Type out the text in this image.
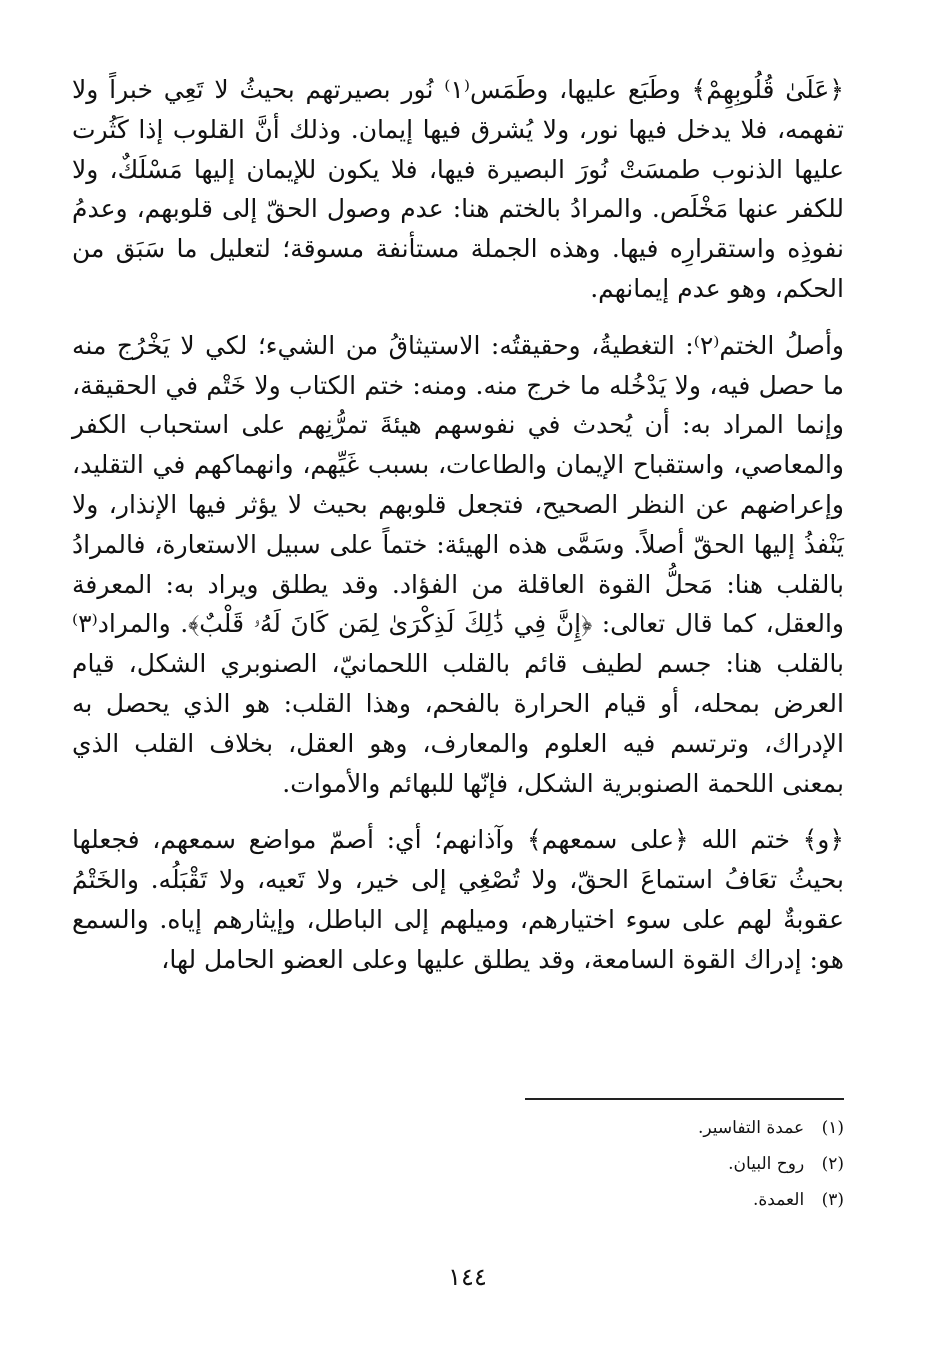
﴿عَلَىٰ قُلُوبِهِمْ﴾ وطَبَع عليها، وطَمَس⁽١⁾ نُور بصيرتهم بحيثُ لا تَعِي خبراً ولا تفهمه، فلا يدخل فيها نور، ولا يُشرق فيها إيمان. وذلك أنَّ القلوب إذا كَثُرت عليها الذنوب طمسَتْ نُورَ البصيرة فيها، فلا يكون للإيمان إليها مَسْلَكٌ، ولا للكفر عنها مَخْلَص. والمرادُ بالختم هنا: عدم وصول الحقّ إلى قلوبهم، وعدمُ نفوذِه واستقرارِه فيها. وهذه الجملة مستأنفة مسوقة؛ لتعليل ما سَبَق من الحكم، وهو عدم إيمانهم.

وأصلُ الختم⁽٢⁾: التغطيةُ، وحقيقتُه: الاستيثاقُ من الشيء؛ لكي لا يَخْرُج منه ما حصل فيه، ولا يَدْخُله ما خرج منه. ومنه: ختم الكتاب ولا خَتْم في الحقيقة، وإنما المراد به: أن يُحدث في نفوسهم هيئةَ تمرُّنِهم على استحباب الكفر والمعاصي، واستقباح الإيمان والطاعات، بسبب غَيِّهم، وانهماكهم في التقليد، وإعراضهم عن النظر الصحيح، فتجعل قلوبهم بحيث لا يؤثر فيها الإنذار، ولا يَنْفذُ إليها الحقّ أصلاً. وسَمَّى هذه الهيئة: ختماً على سبيل الاستعارة، فالمرادُ بالقلب هنا: مَحلُّ القوة العاقلة من الفؤاد. وقد يطلق ويراد به: المعرفة والعقل، كما قال تعالى: ﴿إِنَّ فِي ذَٰلِكَ لَذِكْرَىٰ لِمَن كَانَ لَهُۥ قَلْبٌ﴾. والمراد⁽٣⁾ بالقلب هنا: جسم لطيف قائم بالقلب اللحمانيّ، الصنوبري الشكل، قيام العرض بمحله، أو قيام الحرارة بالفحم، وهذا القلب: هو الذي يحصل به الإدراك، وترتسم فيه العلوم والمعارف، وهو العقل، بخلاف القلب الذي بمعنى اللحمة الصنوبرية الشكل، فإنّها للبهائم والأموات.

﴿و﴾ ختم الله ﴿على سمعهم﴾ وآذانهم؛ أي: أصمّ مواضع سمعهم، فجعلها بحيثُ تعَافُ استماعَ الحقّ، ولا تُصْغِي إلى خير، ولا تَعيه، ولا تَقْبَلُه. والخَتْمُ عقوبةٌ لهم على سوء اختيارهم، وميلهم إلى الباطل، وإيثارهم إياه. والسمع هو: إدراك القوة السامعة، وقد يطلق عليها وعلى العضو الحامل لها،

(١) عمدة التفاسير.
(٢) روح البيان.
(٣) العمدة.
١٤٤
